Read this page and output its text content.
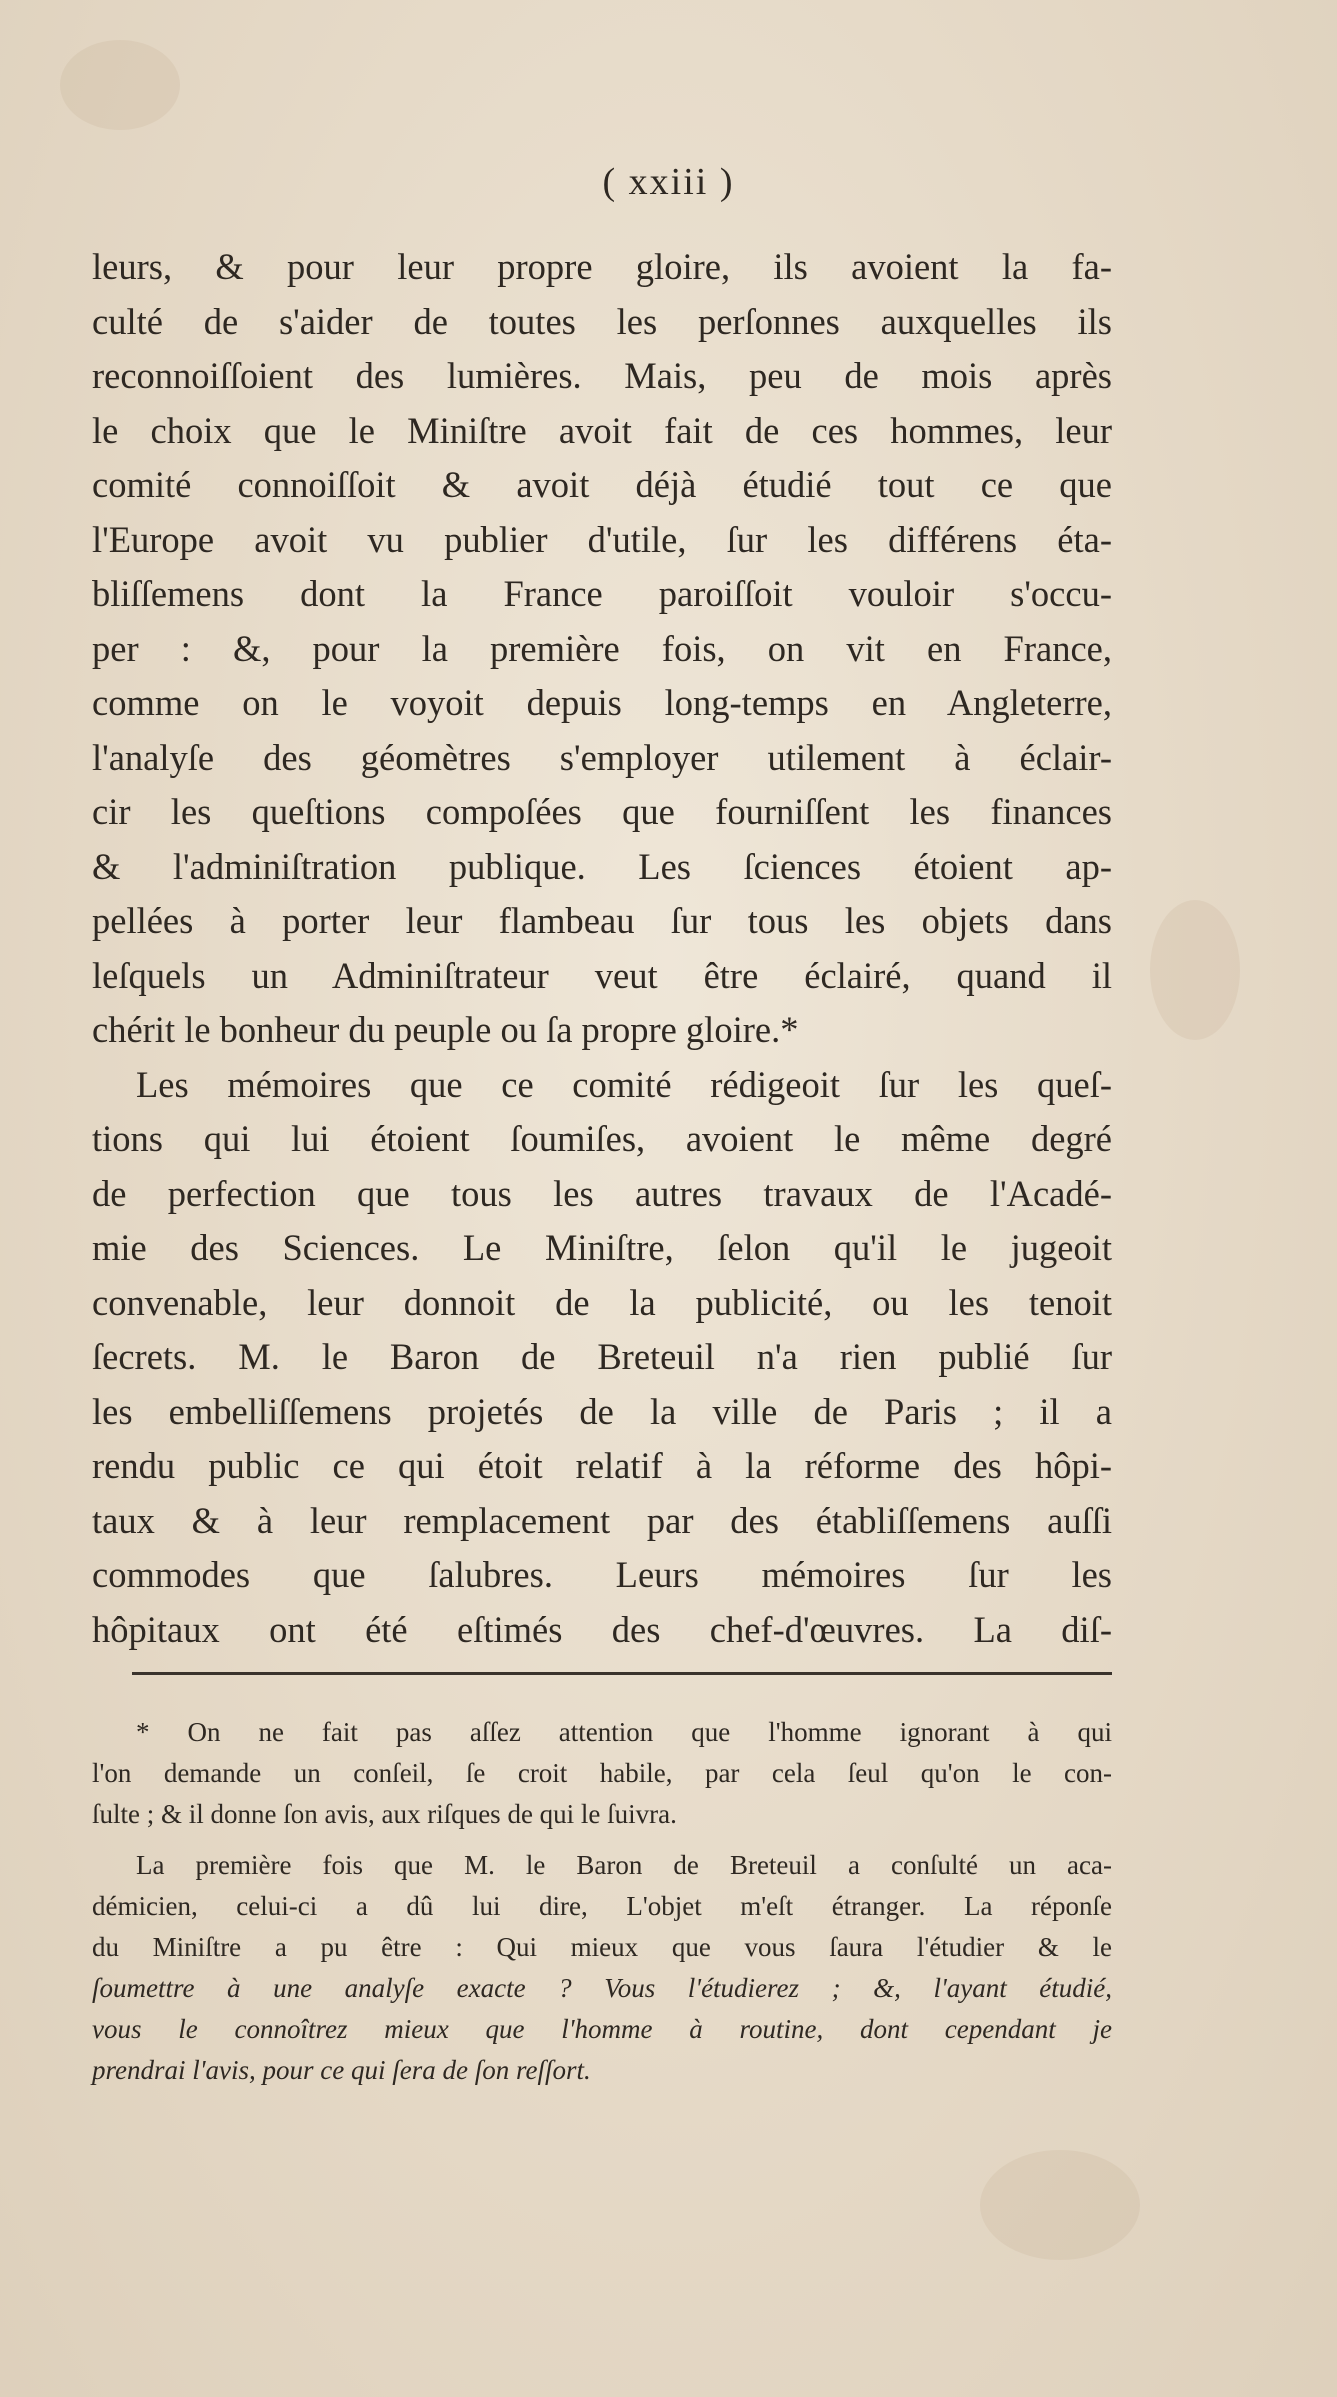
( xxiii )
leurs, & pour leur propre gloire, ils avoient la fa-
culté de s'aider de toutes les perſonnes auxquelles ils
reconnoiſſoient des lumières. Mais, peu de mois après
le choix que le Miniſtre avoit fait de ces hommes, leur
comité connoiſſoit & avoit déjà étudié tout ce que
l'Europe avoit vu publier d'utile, ſur les différens éta-
bliſſemens dont la France paroiſſoit vouloir s'occu-
per : &, pour la première fois, on vit en France,
comme on le voyoit depuis long-temps en Angleterre,
l'analyſe des géomètres s'employer utilement à éclair-
cir les queſtions compoſées que fourniſſent les finances
& l'adminiſtration publique. Les ſciences étoient ap-
pellées à porter leur flambeau ſur tous les objets dans
leſquels un Adminiſtrateur veut être éclairé, quand il
chérit le bonheur du peuple ou ſa propre gloire.*
Les mémoires que ce comité rédigeoit ſur les queſ-
tions qui lui étoient ſoumiſes, avoient le même degré
de perfection que tous les autres travaux de l'Acadé-
mie des Sciences. Le Miniſtre, ſelon qu'il le jugeoit
convenable, leur donnoit de la publicité, ou les tenoit
ſecrets. M. le Baron de Breteuil n'a rien publié ſur
les embelliſſemens projetés de la ville de Paris ; il a
rendu public ce qui étoit relatif à la réforme des hôpi-
taux & à leur remplacement par des établiſſemens auſſi
commodes que ſalubres. Leurs mémoires ſur les
hôpitaux ont été eſtimés des chef-d'œuvres. La diſ-
* On ne fait pas aſſez attention que l'homme ignorant à qui
l'on demande un conſeil, ſe croit habile, par cela ſeul qu'on le con-
ſulte ; & il donne ſon avis, aux riſques de qui le ſuivra.
La première fois que M. le Baron de Breteuil a conſulté un aca-
démicien, celui-ci a dû lui dire, L'objet m'eſt étranger. La réponſe
du Miniſtre a pu être : Qui mieux que vous ſaura l'étudier & le
ſoumettre à une analyſe exacte ? Vous l'étudierez ; &, l'ayant étudié,
vous le connoîtrez mieux que l'homme à routine, dont cependant je
prendrai l'avis, pour ce qui ſera de ſon reſſort.
